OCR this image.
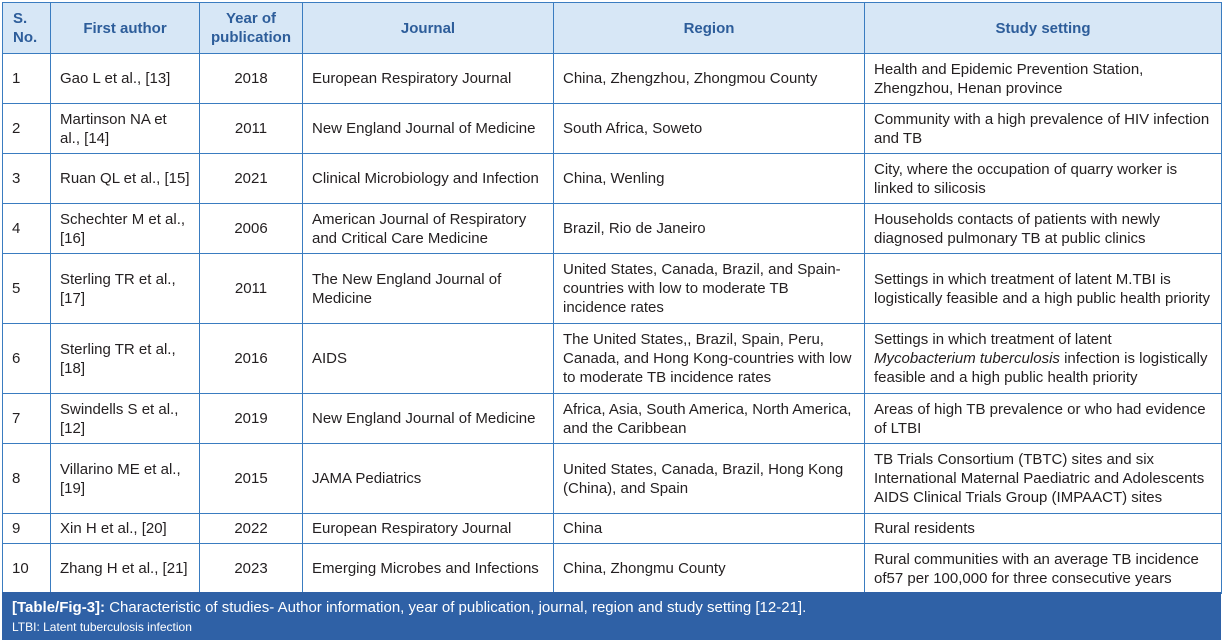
S. No.	First author	Year of publication	Journal	Region	Study setting
1	Gao L et al., [13]	2018	European Respiratory Journal	China, Zhengzhou, Zhongmou County	Health and Epidemic Prevention Station, Zhengzhou, Henan province
2	Martinson NA et al., [14]	2011	New England Journal of Medicine	South Africa, Soweto	Community with a high prevalence of HIV infection and TB
3	Ruan QL et al., [15]	2021	Clinical Microbiology and Infection	China, Wenling	City, where the occupation of quarry worker is linked to silicosis
4	Schechter M et al., [16]	2006	American Journal of Respiratory and Critical Care Medicine	Brazil, Rio de Janeiro	Households contacts of patients with newly diagnosed pulmonary TB at public clinics
5	Sterling TR et al., [17]	2011	The New England Journal of Medicine	United States, Canada, Brazil, and Spain-countries with low to moderate TB incidence rates	Settings in which treatment of latent M.TBI is logistically feasible and a high public health priority
6	Sterling TR et al., [18]	2016	AIDS	The United States,, Brazil, Spain, Peru, Canada, and Hong Kong-countries with low to moderate TB incidence rates	Settings in which treatment of latent Mycobacterium tuberculosis infection is logistically feasible and a high public health priority
7	Swindells S et al., [12]	2019	New England Journal of Medicine	Africa, Asia, South America, North America, and the Caribbean	Areas of high TB prevalence or who had evidence of LTBI
8	Villarino ME et al., [19]	2015	JAMA Pediatrics	United States, Canada, Brazil, Hong Kong (China), and Spain	TB Trials Consortium (TBTC) sites and six International Maternal Paediatric and Adolescents AIDS Clinical Trials Group (IMPAACT) sites
9	Xin H et al., [20]	2022	European Respiratory Journal	China	Rural residents
10	Zhang H et al., [21]	2023	Emerging Microbes and Infections	China, Zhongmu County	Rural communities with an average TB incidence of57 per 100,000 for three consecutive years
[Table/Fig-3]: Characteristic of studies- Author information, year of publication, journal, region and study setting [12-21].
LTBI: Latent tuberculosis infection
